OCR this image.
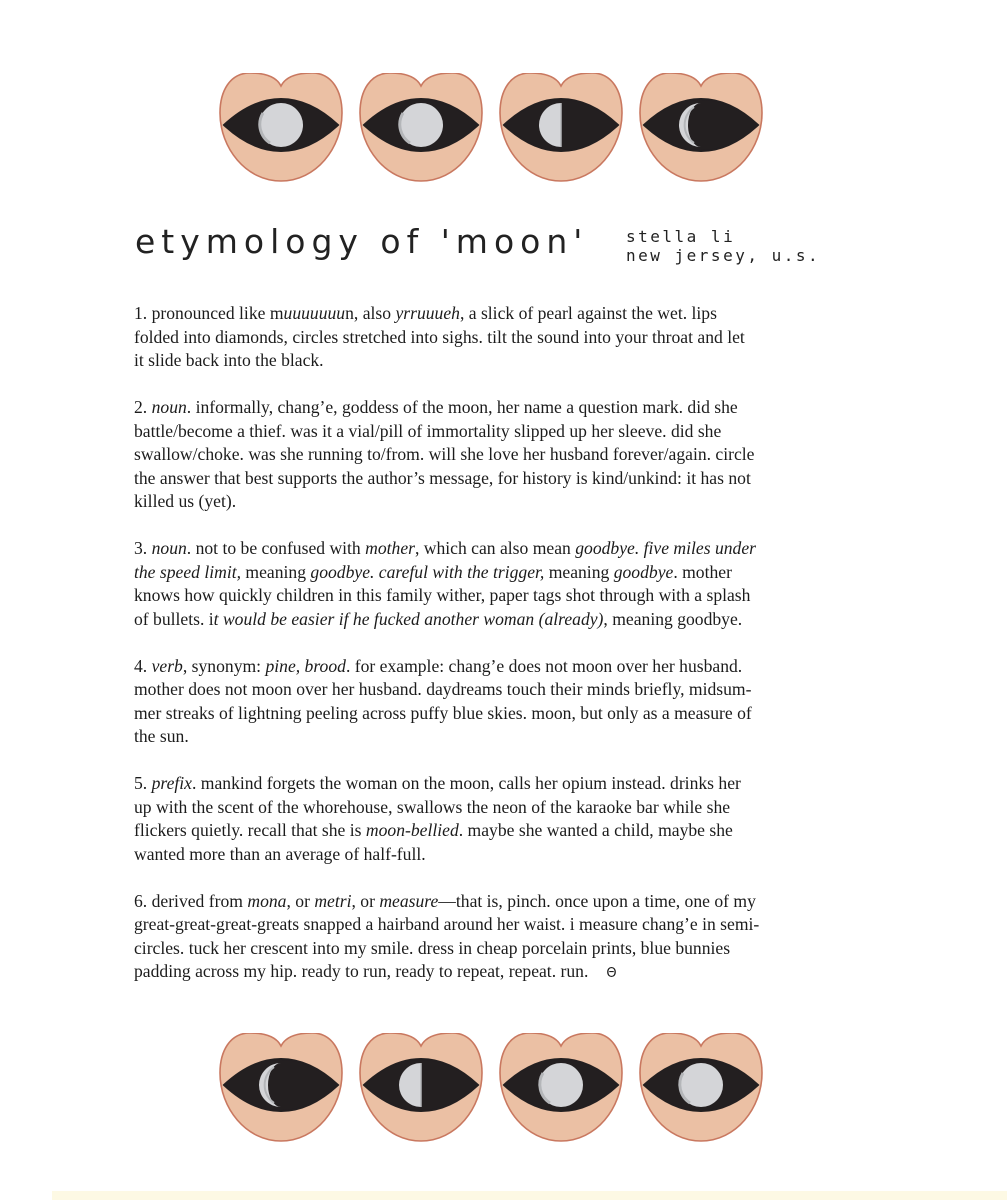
etymology of 'moon' stella li
new jersey, u.s.

1. pronounced like muuuuuuun, also yrruuueh, a slick of pearl against the wet. lips

folded into diamonds, circles stretched into sighs. tilt the sound into your throat and let

it slide back into the black.

2. noun. informally, chang’e, goddess of the moon, her name a question mark. did she

battle/become a thief. was it a vial/pill of immortality slipped up her sleeve. did she

swallow/choke. was she running to/from. will she love her husband forever/again. circle

the answer that best supports the author’s message, for history is kind/unkind: it has not

killed us (yet).

3. noun. not to be confused with mother, which can also mean goodbye. five miles under

the speed limit, meaning goodbye. careful with the trigger, meaning goodbye. mother

knows how quickly children in this family wither, paper tags shot through with a splash

of bullets. it would be easier if he fucked another woman (already), meaning goodbye.

4. verb, synonym: pine, brood. for example: chang’e does not moon over her husband.

mother does not moon over her husband. daydreams touch their minds briefly, midsum-

mer streaks of lightning peeling across puffy blue skies. moon, but only as a measure of

the sun.

5. prefix. mankind forgets the woman on the moon, calls her opium instead. drinks her

up with the scent of the whorehouse, swallows the neon of the karaoke bar while she

flickers quietly. recall that she is moon-bellied. maybe she wanted a child, maybe she

wanted more than an average of half-full.

6. derived from mona, or metri, or measure—that is, pinch. once upon a time, one of my

great-great-great-greats snapped a hairband around her waist. i measure chang’e in semi-

circles. tuck her crescent into my smile. dress in cheap porcelain prints, blue bunnies

padding across my hip. ready to run, ready to repeat, repeat. run. Θ
